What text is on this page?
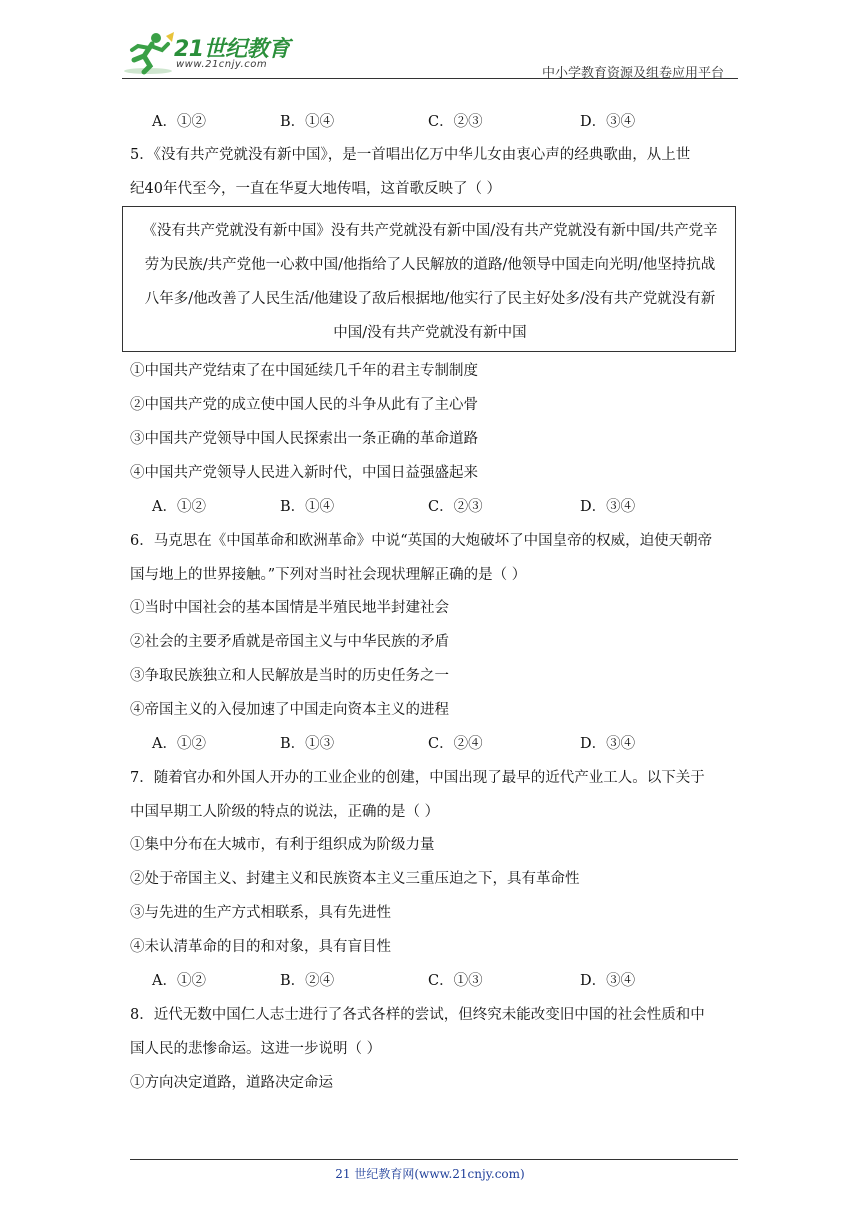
21世纪教育
www.21cnjy.com
中小学教育资源及组卷应用平台
A．①②	B．①④	C．②③	D．③④
5．《没有共产党就没有新中国》，是一首唱出亿万中华儿女由衷心声的经典歌曲，从上世
纪40年代至今，一直在华夏大地传唱，这首歌反映了（ ）
《没有共产党就没有新中国》没有共产党就没有新中国/没有共产党就没有新中国/共产党辛
劳为民族/共产党他一心救中国/他指给了人民解放的道路/他领导中国走向光明/他坚持抗战
八年多/他改善了人民生活/他建设了敌后根据地/他实行了民主好处多/没有共产党就没有新
中国/没有共产党就没有新中国
①中国共产党结束了在中国延续几千年的君主专制制度
②中国共产党的成立使中国人民的斗争从此有了主心骨
③中国共产党领导中国人民探索出一条正确的革命道路
④中国共产党领导人民进入新时代，中国日益强盛起来
A．①②	B．①④	C．②③	D．③④
6．马克思在《中国革命和欧洲革命》中说“英国的大炮破坏了中国皇帝的权威，迫使天朝帝
国与地上的世界接触。”下列对当时社会现状理解正确的是（ ）
①当时中国社会的基本国情是半殖民地半封建社会
②社会的主要矛盾就是帝国主义与中华民族的矛盾
③争取民族独立和人民解放是当时的历史任务之一
④帝国主义的入侵加速了中国走向资本主义的进程
A．①②	B．①③	C．②④	D．③④
7．随着官办和外国人开办的工业企业的创建，中国出现了最早的近代产业工人。以下关于
中国早期工人阶级的特点的说法，正确的是（ ）
①集中分布在大城市，有利于组织成为阶级力量
②处于帝国主义、封建主义和民族资本主义三重压迫之下，具有革命性
③与先进的生产方式相联系，具有先进性
④未认清革命的目的和对象，具有盲目性
A．①②	B．②④	C．①③	D．③④
8．近代无数中国仁人志士进行了各式各样的尝试，但终究未能改变旧中国的社会性质和中
国人民的悲惨命运。这进一步说明（ ）
①方向决定道路，道路决定命运
21 世纪教育网(www.21cnjy.com)
